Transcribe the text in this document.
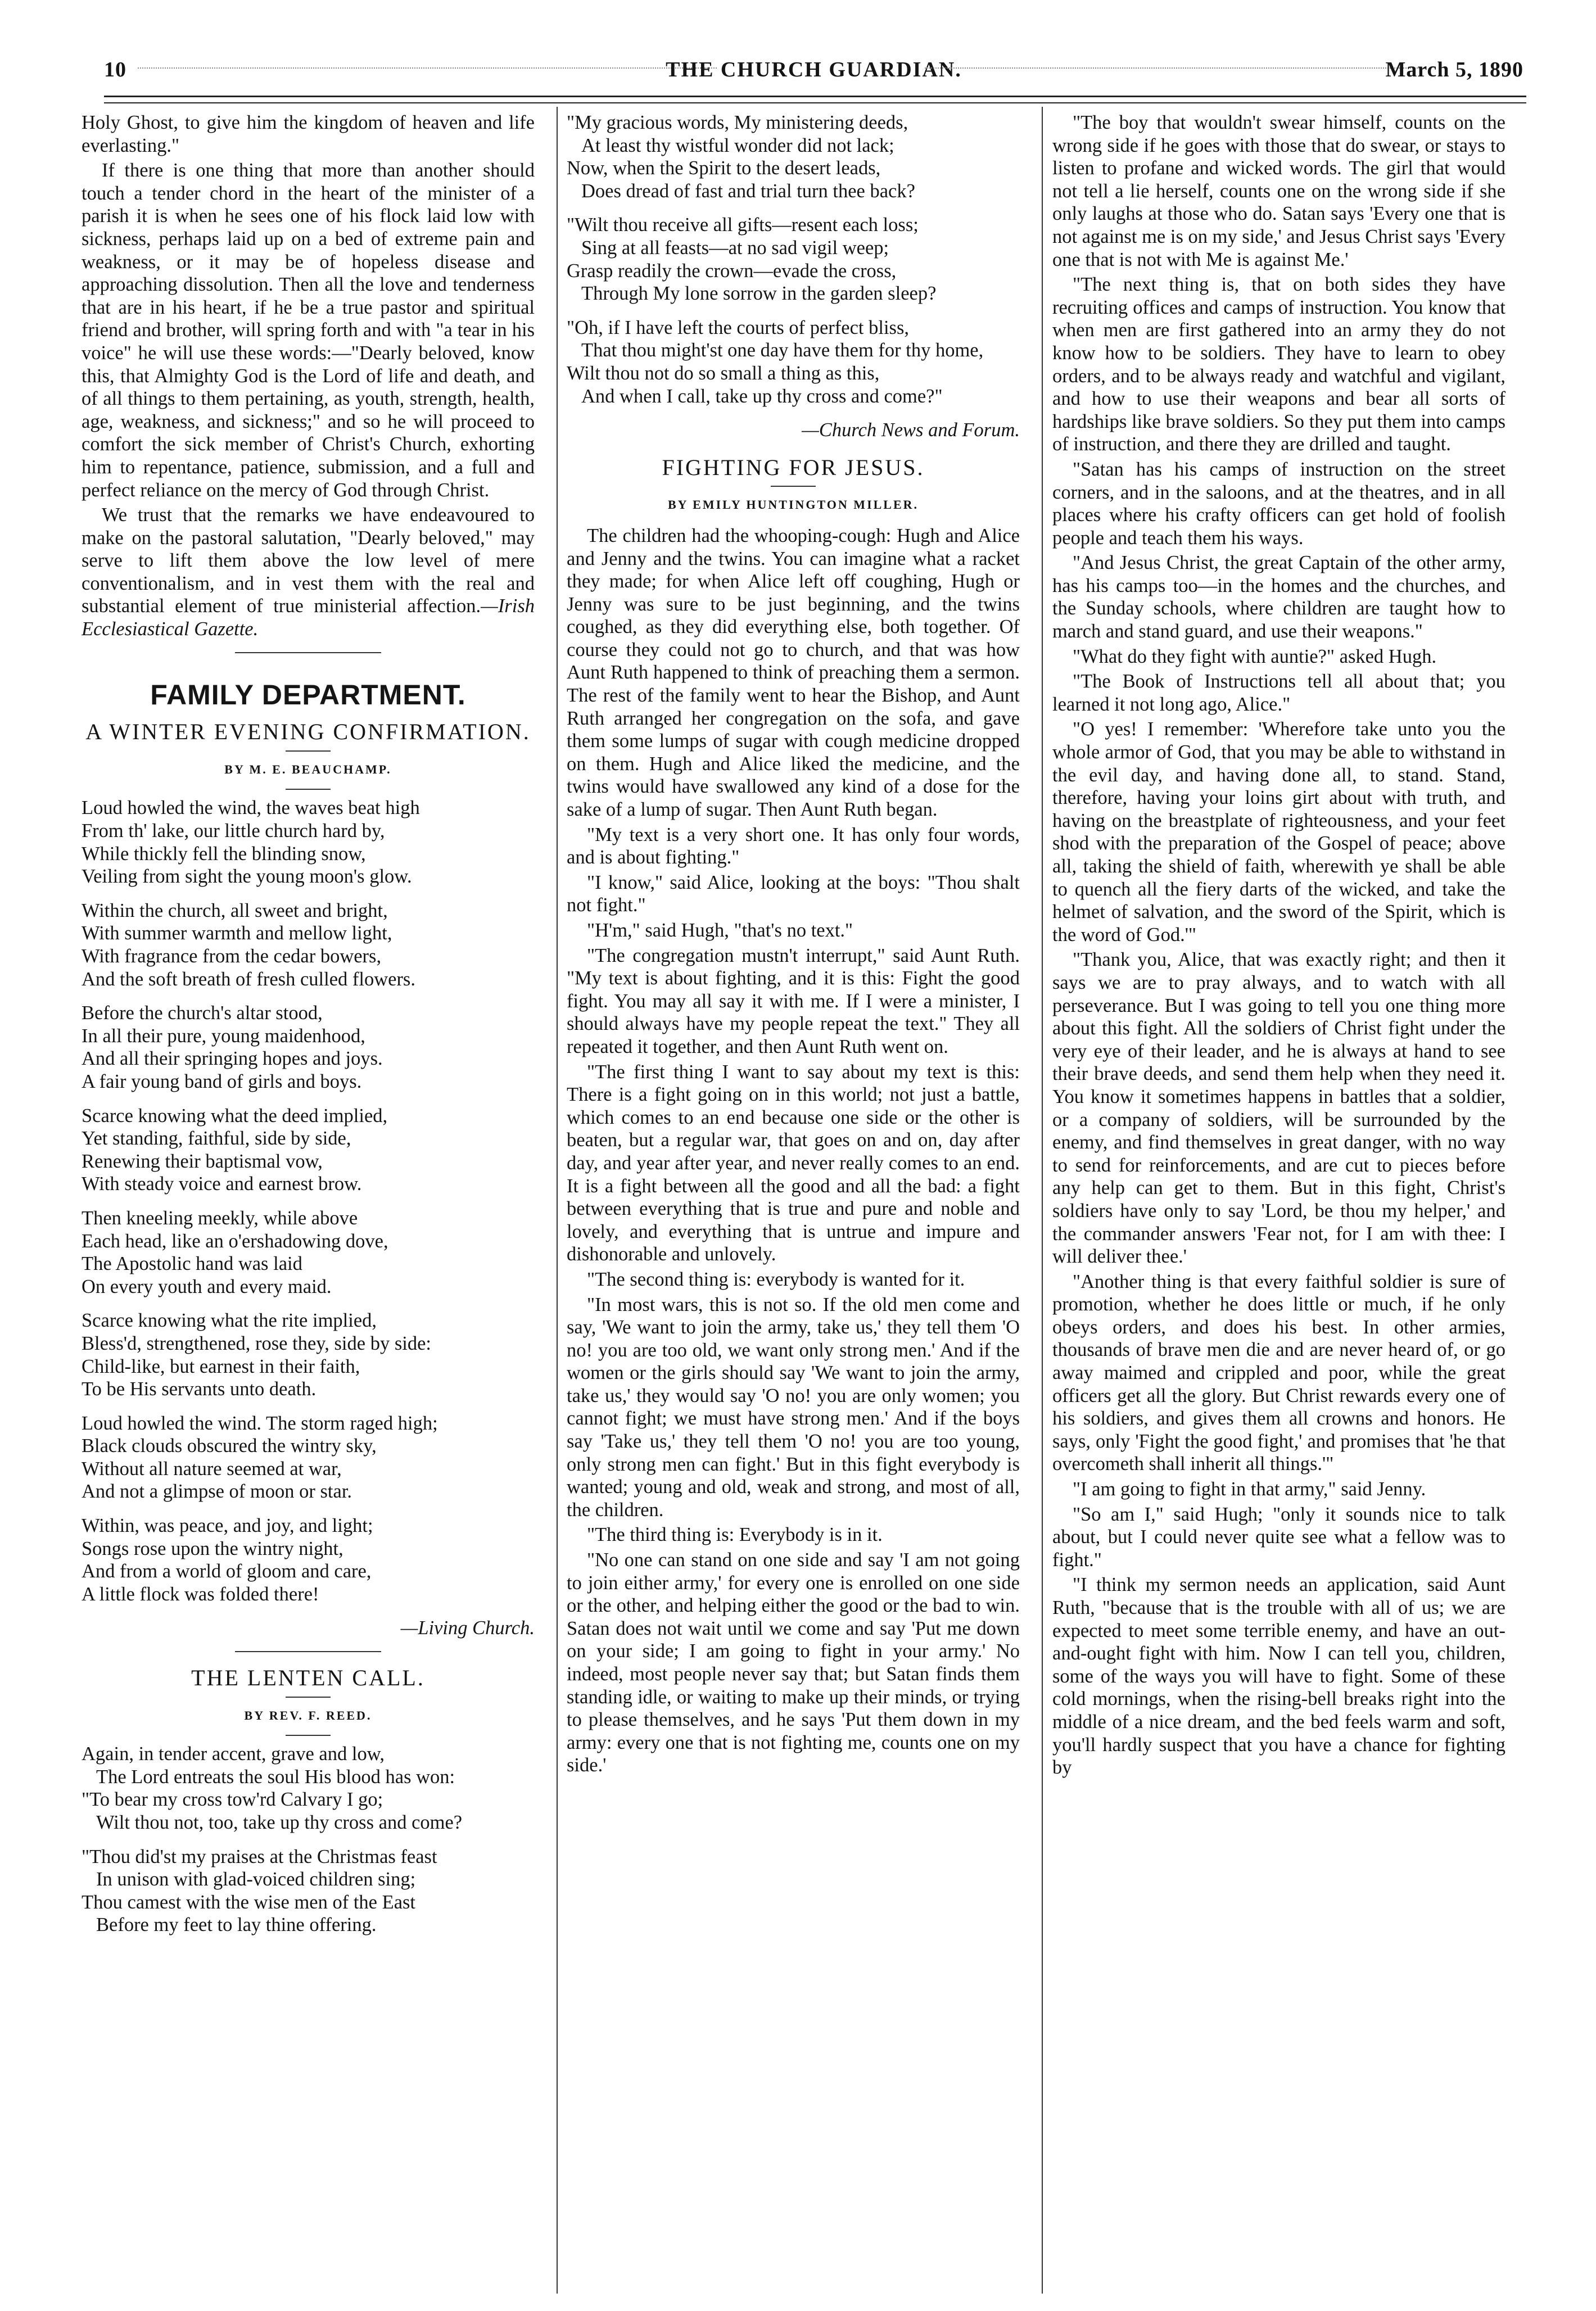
10	THE CHURCH GUARDIAN.	March 5, 1890

Holy Ghost, to give him the kingdom of heaven and life everlasting."

If there is one thing that more than another should touch a tender chord in the heart of the minister of a parish it is when he sees one of his flock laid low with sickness, perhaps laid up on a bed of extreme pain and weakness, or it may be of hopeless disease and approaching dissolution. Then all the love and tenderness that are in his heart, if he be a true pastor and spiritual friend and brother, will spring forth and with "a tear in his voice" he will use these words:—"Dearly beloved, know this, that Almighty God is the Lord of life and death, and of all things to them pertaining, as youth, strength, health, age, weakness, and sickness;" and so he will proceed to comfort the sick member of Christ's Church, exhorting him to repentance, patience, submission, and a full and perfect reliance on the mercy of God through Christ.

We trust that the remarks we have endeavoured to make on the pastoral salutation, "Dearly beloved," may serve to lift them above the low level of mere conventionalism, and in vest them with the real and substantial element of true ministerial affection.—Irish Ecclesiastical Gazette.

FAMILY DEPARTMENT.
A WINTER EVENING CONFIRMATION.
BY M. E. BEAUCHAMP.
Loud howled the wind, the waves beat high
From th' lake, our little church hard by,
While thickly fell the blinding snow,
Veiling from sight the young moon's glow.
Within the church, all sweet and bright,
With summer warmth and mellow light,
With fragrance from the cedar bowers,
And the soft breath of fresh culled flowers.
Before the church's altar stood,
In all their pure, young maidenhood,
And all their springing hopes and joys.
A fair young band of girls and boys.
Scarce knowing what the deed implied,
Yet standing, faithful, side by side,
Renewing their baptismal vow,
With steady voice and earnest brow.
Then kneeling meekly, while above
Each head, like an o'ershadowing dove,
The Apostolic hand was laid
On every youth and every maid.
Scarce knowing what the rite implied,
Bless'd, strengthened, rose they, side by side:
Child-like, but earnest in their faith,
To be His servants unto death.
Loud howled the wind. The storm raged high;
Black clouds obscured the wintry sky,
Without all nature seemed at war,
And not a glimpse of moon or star.
Within, was peace, and joy, and light;
Songs rose upon the wintry night,
And from a world of gloom and care,
A little flock was folded there!
—Living Church.
THE LENTEN CALL.
BY REV. F. REED.
Again, in tender accent, grave and low,
The Lord entreats the soul His blood has won:
"To bear my cross tow'rd Calvary I go;
Wilt thou not, too, take up thy cross and come?
"Thou did'st my praises at the Christmas feast
In unison with glad-voiced children sing;
Thou camest with the wise men of the East
Before my feet to lay thine offering.
"My gracious words, My ministering deeds,
At least thy wistful wonder did not lack;
Now, when the Spirit to the desert leads,
Does dread of fast and trial turn thee back?
"Wilt thou receive all gifts—resent each loss;
Sing at all feasts—at no sad vigil weep;
Grasp readily the crown—evade the cross,
Through My lone sorrow in the garden sleep?
"Oh, if I have left the courts of perfect bliss,
That thou might'st one day have them for thy home,
Wilt thou not do so small a thing as this,
And when I call, take up thy cross and come?"
—Church News and Forum.
FIGHTING FOR JESUS.
BY EMILY HUNTINGTON MILLER.

The children had the whooping-cough: Hugh and Alice and Jenny and the twins. You can imagine what a racket they made; for when Alice left off coughing, Hugh or Jenny was sure to be just beginning, and the twins coughed, as they did everything else, both together. Of course they could not go to church, and that was how Aunt Ruth happened to think of preaching them a sermon. The rest of the family went to hear the Bishop, and Aunt Ruth arranged her congregation on the sofa, and gave them some lumps of sugar with cough medicine dropped on them. Hugh and Alice liked the medicine, and the twins would have swallowed any kind of a dose for the sake of a lump of sugar. Then Aunt Ruth began.

"My text is a very short one. It has only four words, and is about fighting."

"I know," said Alice, looking at the boys: "Thou shalt not fight."

"H'm," said Hugh, "that's no text."

"The congregation mustn't interrupt," said Aunt Ruth. "My text is about fighting, and it is this: Fight the good fight. You may all say it with me. If I were a minister, I should always have my people repeat the text." They all repeated it together, and then Aunt Ruth went on.

"The first thing I want to say about my text is this: There is a fight going on in this world; not just a battle, which comes to an end because one side or the other is beaten, but a regular war, that goes on and on, day after day, and year after year, and never really comes to an end. It is a fight between all the good and all the bad: a fight between everything that is true and pure and noble and lovely, and everything that is untrue and impure and dishonorable and unlovely.

"The second thing is: everybody is wanted for it.

"In most wars, this is not so. If the old men come and say, 'We want to join the army, take us,' they tell them 'O no! you are too old, we want only strong men.' And if the women or the girls should say 'We want to join the army, take us,' they would say 'O no! you are only women; you cannot fight; we must have strong men.' And if the boys say 'Take us,' they tell them 'O no! you are too young, only strong men can fight.' But in this fight everybody is wanted; young and old, weak and strong, and most of all, the children.

"The third thing is: Everybody is in it.

"No one can stand on one side and say 'I am not going to join either army,' for every one is enrolled on one side or the other, and helping either the good or the bad to win. Satan does not wait until we come and say 'Put me down on your side; I am going to fight in your army.' No indeed, most people never say that; but Satan finds them standing idle, or waiting to make up their minds, or trying to please themselves, and he says 'Put them down in my army: every one that is not fighting me, counts one on my side.'

"The boy that wouldn't swear himself, counts on the wrong side if he goes with those that do swear, or stays to listen to profane and wicked words. The girl that would not tell a lie herself, counts one on the wrong side if she only laughs at those who do. Satan says 'Every one that is not against me is on my side,' and Jesus Christ says 'Every one that is not with Me is against Me.'

"The next thing is, that on both sides they have recruiting offices and camps of instruction. You know that when men are first gathered into an army they do not know how to be soldiers. They have to learn to obey orders, and to be always ready and watchful and vigilant, and how to use their weapons and bear all sorts of hardships like brave soldiers. So they put them into camps of instruction, and there they are drilled and taught.

"Satan has his camps of instruction on the street corners, and in the saloons, and at the theatres, and in all places where his crafty officers can get hold of foolish people and teach them his ways.

"And Jesus Christ, the great Captain of the other army, has his camps too—in the homes and the churches, and the Sunday schools, where children are taught how to march and stand guard, and use their weapons."

"What do they fight with auntie?" asked Hugh.

"The Book of Instructions tell all about that; you learned it not long ago, Alice."

"O yes! I remember: 'Wherefore take unto you the whole armor of God, that you may be able to withstand in the evil day, and having done all, to stand. Stand, therefore, having your loins girt about with truth, and having on the breastplate of righteousness, and your feet shod with the preparation of the Gospel of peace; above all, taking the shield of faith, wherewith ye shall be able to quench all the fiery darts of the wicked, and take the helmet of salvation, and the sword of the Spirit, which is the word of God.'"

"Thank you, Alice, that was exactly right; and then it says we are to pray always, and to watch with all perseverance. But I was going to tell you one thing more about this fight. All the soldiers of Christ fight under the very eye of their leader, and he is always at hand to see their brave deeds, and send them help when they need it. You know it sometimes happens in battles that a soldier, or a company of soldiers, will be surrounded by the enemy, and find themselves in great danger, with no way to send for reinforcements, and are cut to pieces before any help can get to them. But in this fight, Christ's soldiers have only to say 'Lord, be thou my helper,' and the commander answers 'Fear not, for I am with thee: I will deliver thee.'

"Another thing is that every faithful soldier is sure of promotion, whether he does little or much, if he only obeys orders, and does his best. In other armies, thousands of brave men die and are never heard of, or go away maimed and crippled and poor, while the great officers get all the glory. But Christ rewards every one of his soldiers, and gives them all crowns and honors. He says, only 'Fight the good fight,' and promises that 'he that overcometh shall inherit all things.'"

"I am going to fight in that army," said Jenny.

"So am I," said Hugh; "only it sounds nice to talk about, but I could never quite see what a fellow was to fight."

"I think my sermon needs an application, said Aunt Ruth, "because that is the trouble with all of us; we are expected to meet some terrible enemy, and have an out-and-ought fight with him. Now I can tell you, children, some of the ways you will have to fight. Some of these cold mornings, when the rising-bell breaks right into the middle of a nice dream, and the bed feels warm and soft, you'll hardly suspect that you have a chance for fighting by
